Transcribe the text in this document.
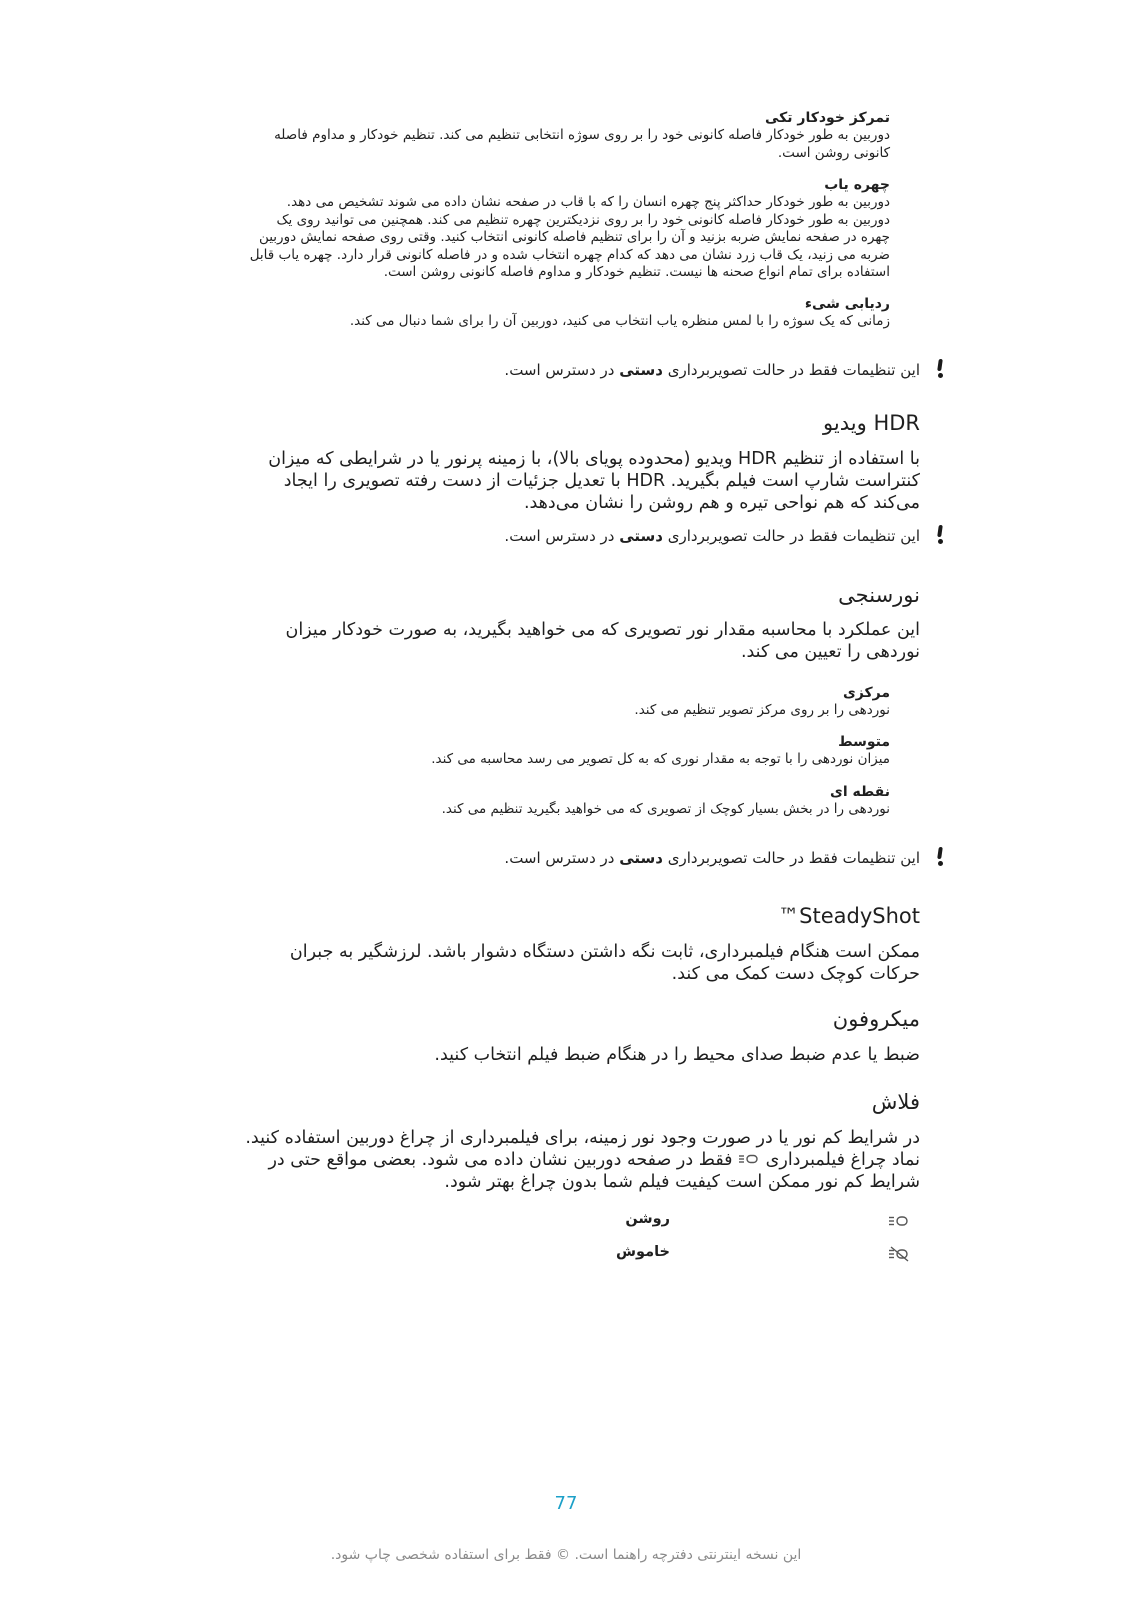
تمرکز خودکار تکی
دوربین به طور خودکار فاصله کانونی خود را بر روی سوژه انتخابی تنظیم می کند. تنظیم خودکار و مداوم فاصله
کانونی روشن است.
چهره یاب
دوربین به طور خودکار حداکثر پنج چهره انسان را که با قاب در صفحه نشان داده می شوند تشخیص می دهد.
دوربین به طور خودکار فاصله کانونی خود را بر روی نزدیکترین چهره تنظیم می کند. همچنین می توانید روی یک
چهره در صفحه نمایش ضربه بزنید و آن را برای تنظیم فاصله کانونی انتخاب کنید. وقتی روی صفحه نمایش دوربین
ضربه می زنید، یک قاب زرد نشان می دهد که کدام چهره انتخاب شده و در فاصله کانونی قرار دارد. چهره یاب قابل
استفاده برای تمام انواع صحنه ها نیست. تنظیم خودکار و مداوم فاصله کانونی روشن است.
ردیابی شیء
زمانی که یک سوژه را با لمس منظره یاب انتخاب می کنید، دوربین آن را برای شما دنبال می کند.
این تنظیمات فقط در حالت تصویربرداری دستی در دسترس است.
HDR ویدیو
با استفاده از تنظیم HDR ویدیو (محدوده پویای بالا)، با زمینه پرنور یا در شرایطی که میزان
کنتراست شارپ است فیلم بگیرید. HDR با تعدیل جزئیات از دست رفته تصویری را ایجاد
می‌کند که هم نواحی تیره و هم روشن را نشان می‌دهد.
این تنظیمات فقط در حالت تصویربرداری دستی در دسترس است.
نورسنجی
این عملکرد با محاسبه مقدار نور تصویری که می خواهید بگیرید، به صورت خودکار میزان
نوردهی را تعیین می کند.
مرکزی
نوردهی را بر روی مرکز تصویر تنظیم می کند.
متوسط
میزان نوردهی را با توجه به مقدار نوری که به کل تصویر می رسد محاسبه می کند.
نقطه ای
نوردهی را در بخش بسیار کوچک از تصویری که می خواهید بگیرید تنظیم می کند.
این تنظیمات فقط در حالت تصویربرداری دستی در دسترس است.
SteadyShot™
ممکن است هنگام فیلمبرداری، ثابت نگه داشتن دستگاه دشوار باشد. لرزشگیر به جبران
حرکات کوچک دست کمک می کند.
میکروفون
ضبط یا عدم ضبط صدای محیط را در هنگام ضبط فیلم انتخاب کنید.
فلاش
در شرایط کم نور یا در صورت وجود نور زمینه، برای فیلمبرداری از چراغ دوربین استفاده کنید.
نماد چراغ فیلمبرداری  فقط در صفحه دوربین نشان داده می شود. بعضی مواقع حتی در
شرایط کم نور ممکن است کیفیت فیلم شما بدون چراغ بهتر شود.
روشن
خاموش
77
این نسخه اینترنتی دفترچه راهنما است. © فقط برای استفاده شخصی چاپ شود.
